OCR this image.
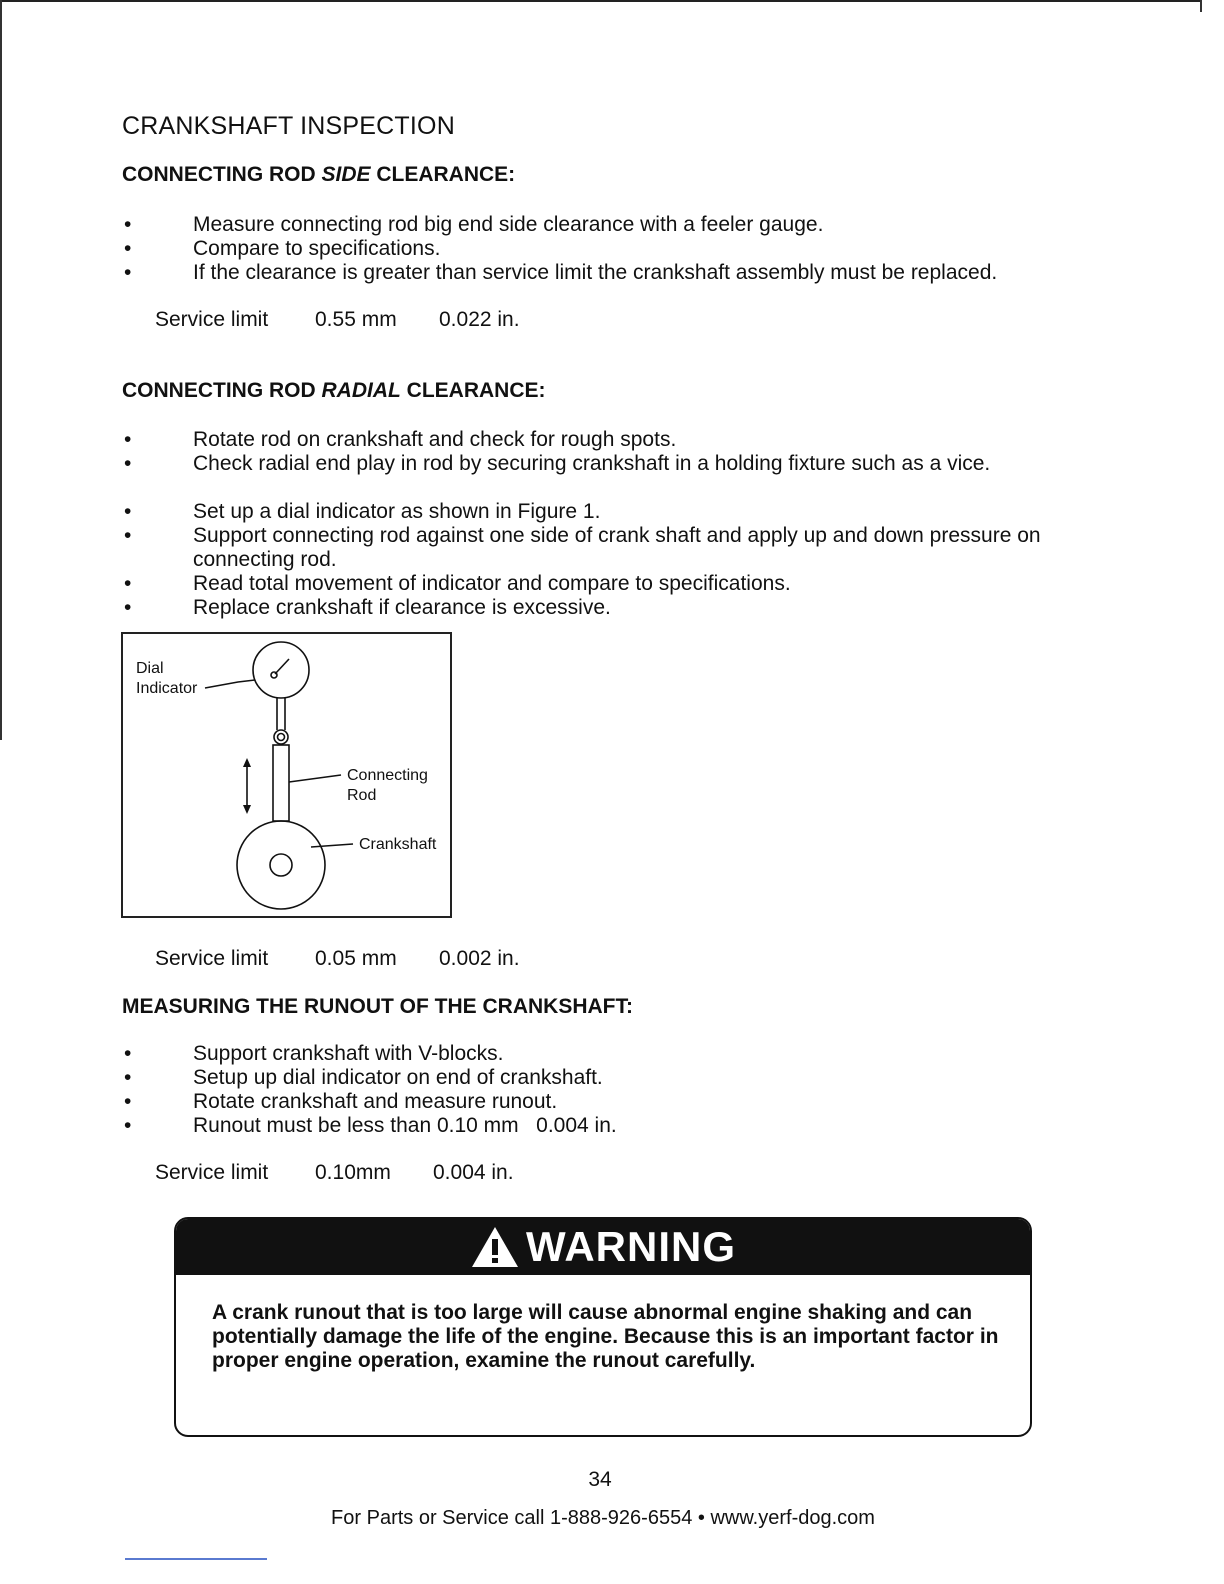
CRANKSHAFT INSPECTION
CONNECTING ROD SIDE CLEARANCE:
• Measure connecting rod big end side clearance with a feeler gauge.
• Compare to specifications.
• If the clearance is greater than service limit the crankshaft assembly must be replaced.
Service limit 0.55 mm 0.022 in.
CONNECTING ROD RADIAL CLEARANCE:
• Rotate rod on crankshaft and check for rough spots.
• Check radial end play in rod by securing crankshaft in a holding fixture such as a vice.
• Set up a dial indicator as shown in Figure 1.
• Support connecting rod against one side of crank shaft and apply up and down pressure on connecting rod.
• Read total movement of indicator and compare to specifications.
• Replace crankshaft if clearance is excessive.
Dial
Indicator
Connecting
Rod
Crankshaft
Service limit 0.05 mm 0.002 in.
MEASURING THE RUNOUT OF THE CRANKSHAFT:
• Support crankshaft with V-blocks.
• Setup up dial indicator on end of crankshaft.
• Rotate crankshaft and measure runout.
• Runout must be less than 0.10 mm   0.004 in.
Service limit 0.10mm 0.004 in.
WARNING
A crank runout that is too large will cause abnormal engine shaking and can potentially damage the life of the engine. Because this is an important factor in proper engine operation, examine the runout carefully.
34
For Parts or Service call 1-888-926-6554 • www.yerf-dog.com
